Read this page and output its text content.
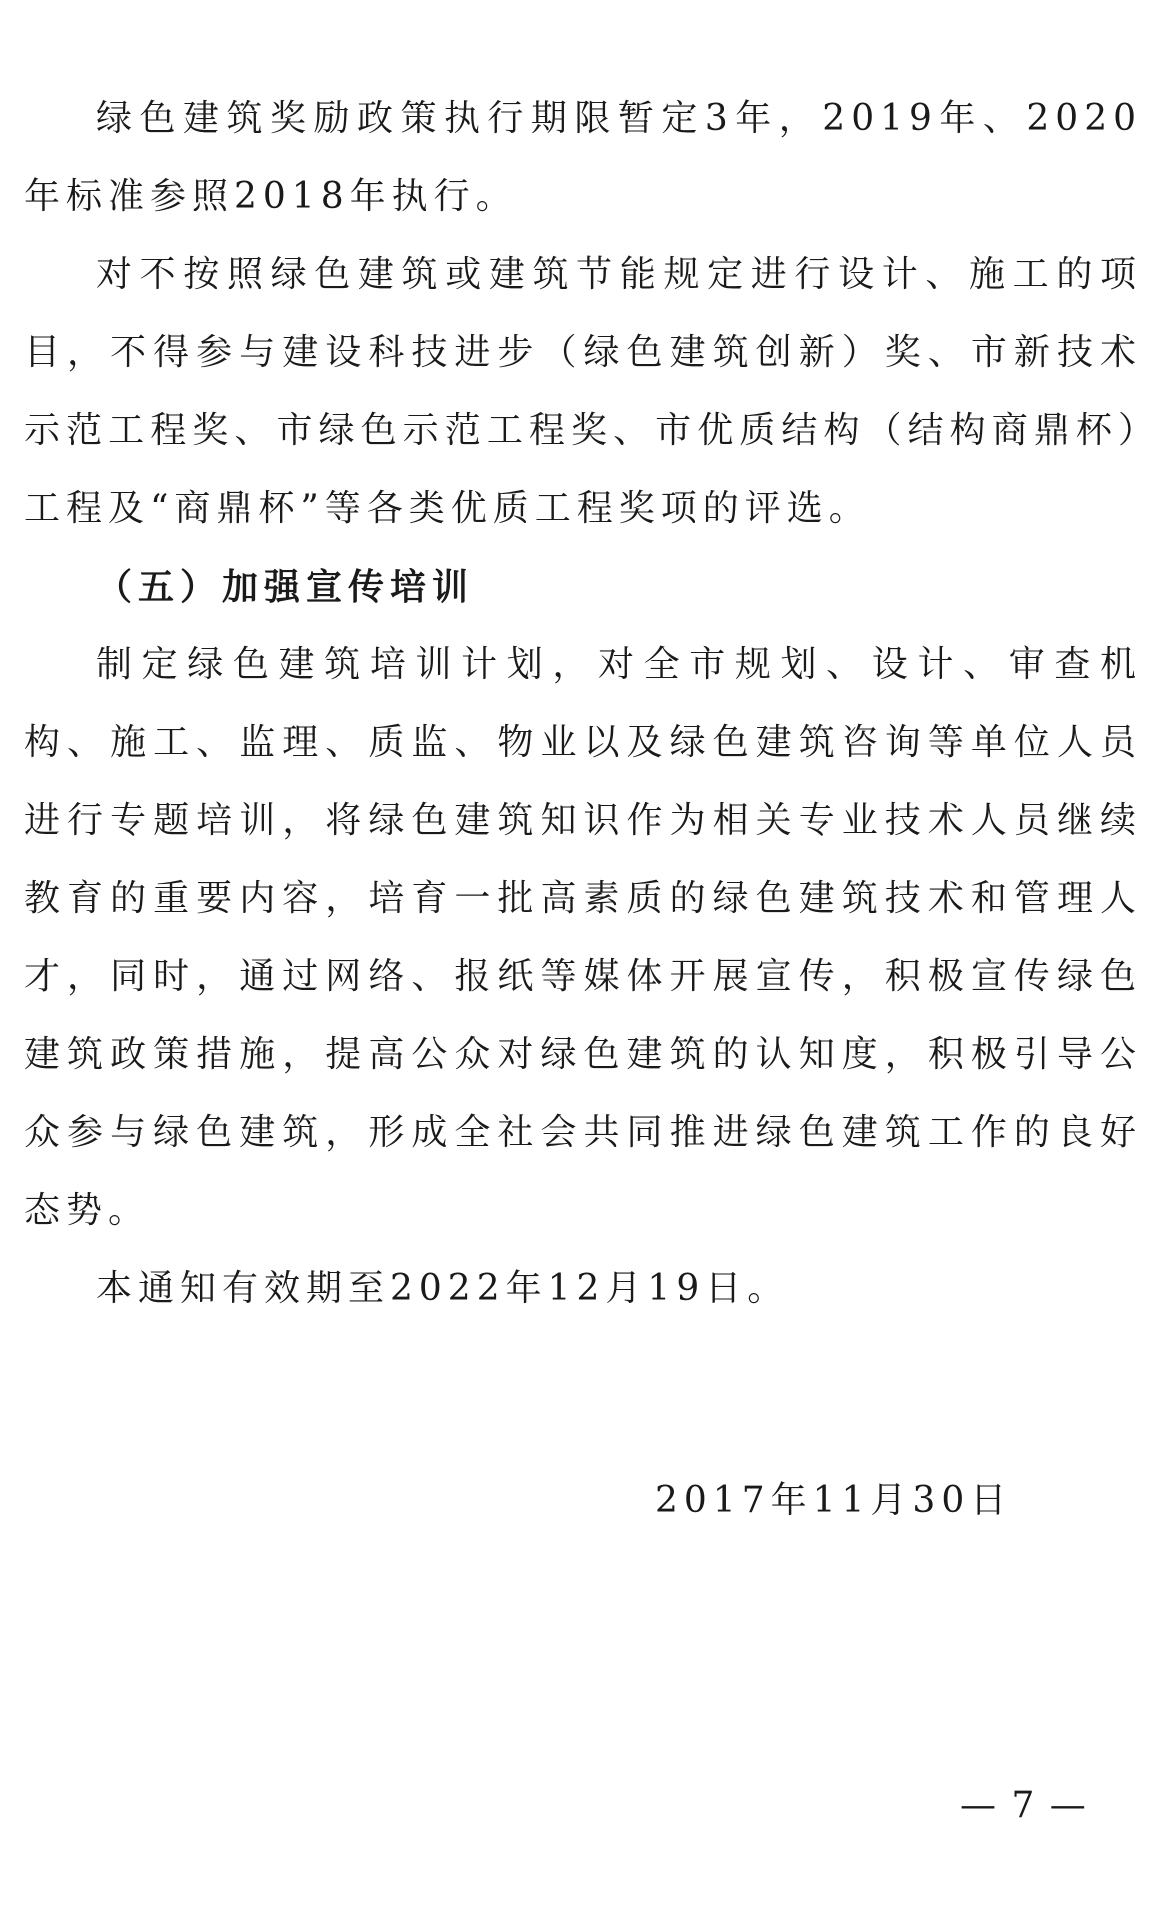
绿色建筑奖励政策执行期限暂定3年，2019年、2020年标准参照2018年执行。

对不按照绿色建筑或建筑节能规定进行设计、施工的项目，不得参与建设科技进步（绿色建筑创新）奖、市新技术示范工程奖、市绿色示范工程奖、市优质结构（结构商鼎杯）工程及“商鼎杯”等各类优质工程奖项的评选。

（五）加强宣传培训

制定绿色建筑培训计划，对全市规划、设计、审查机构、施工、监理、质监、物业以及绿色建筑咨询等单位人员进行专题培训，将绿色建筑知识作为相关专业技术人员继续教育的重要内容，培育一批高素质的绿色建筑技术和管理人才，同时，通过网络、报纸等媒体开展宣传，积极宣传绿色建筑政策措施，提高公众对绿色建筑的认知度，积极引导公众参与绿色建筑，形成全社会共同推进绿色建筑工作的良好态势。

本通知有效期至2022年12月19日。

2017年11月30日
— 7 —
